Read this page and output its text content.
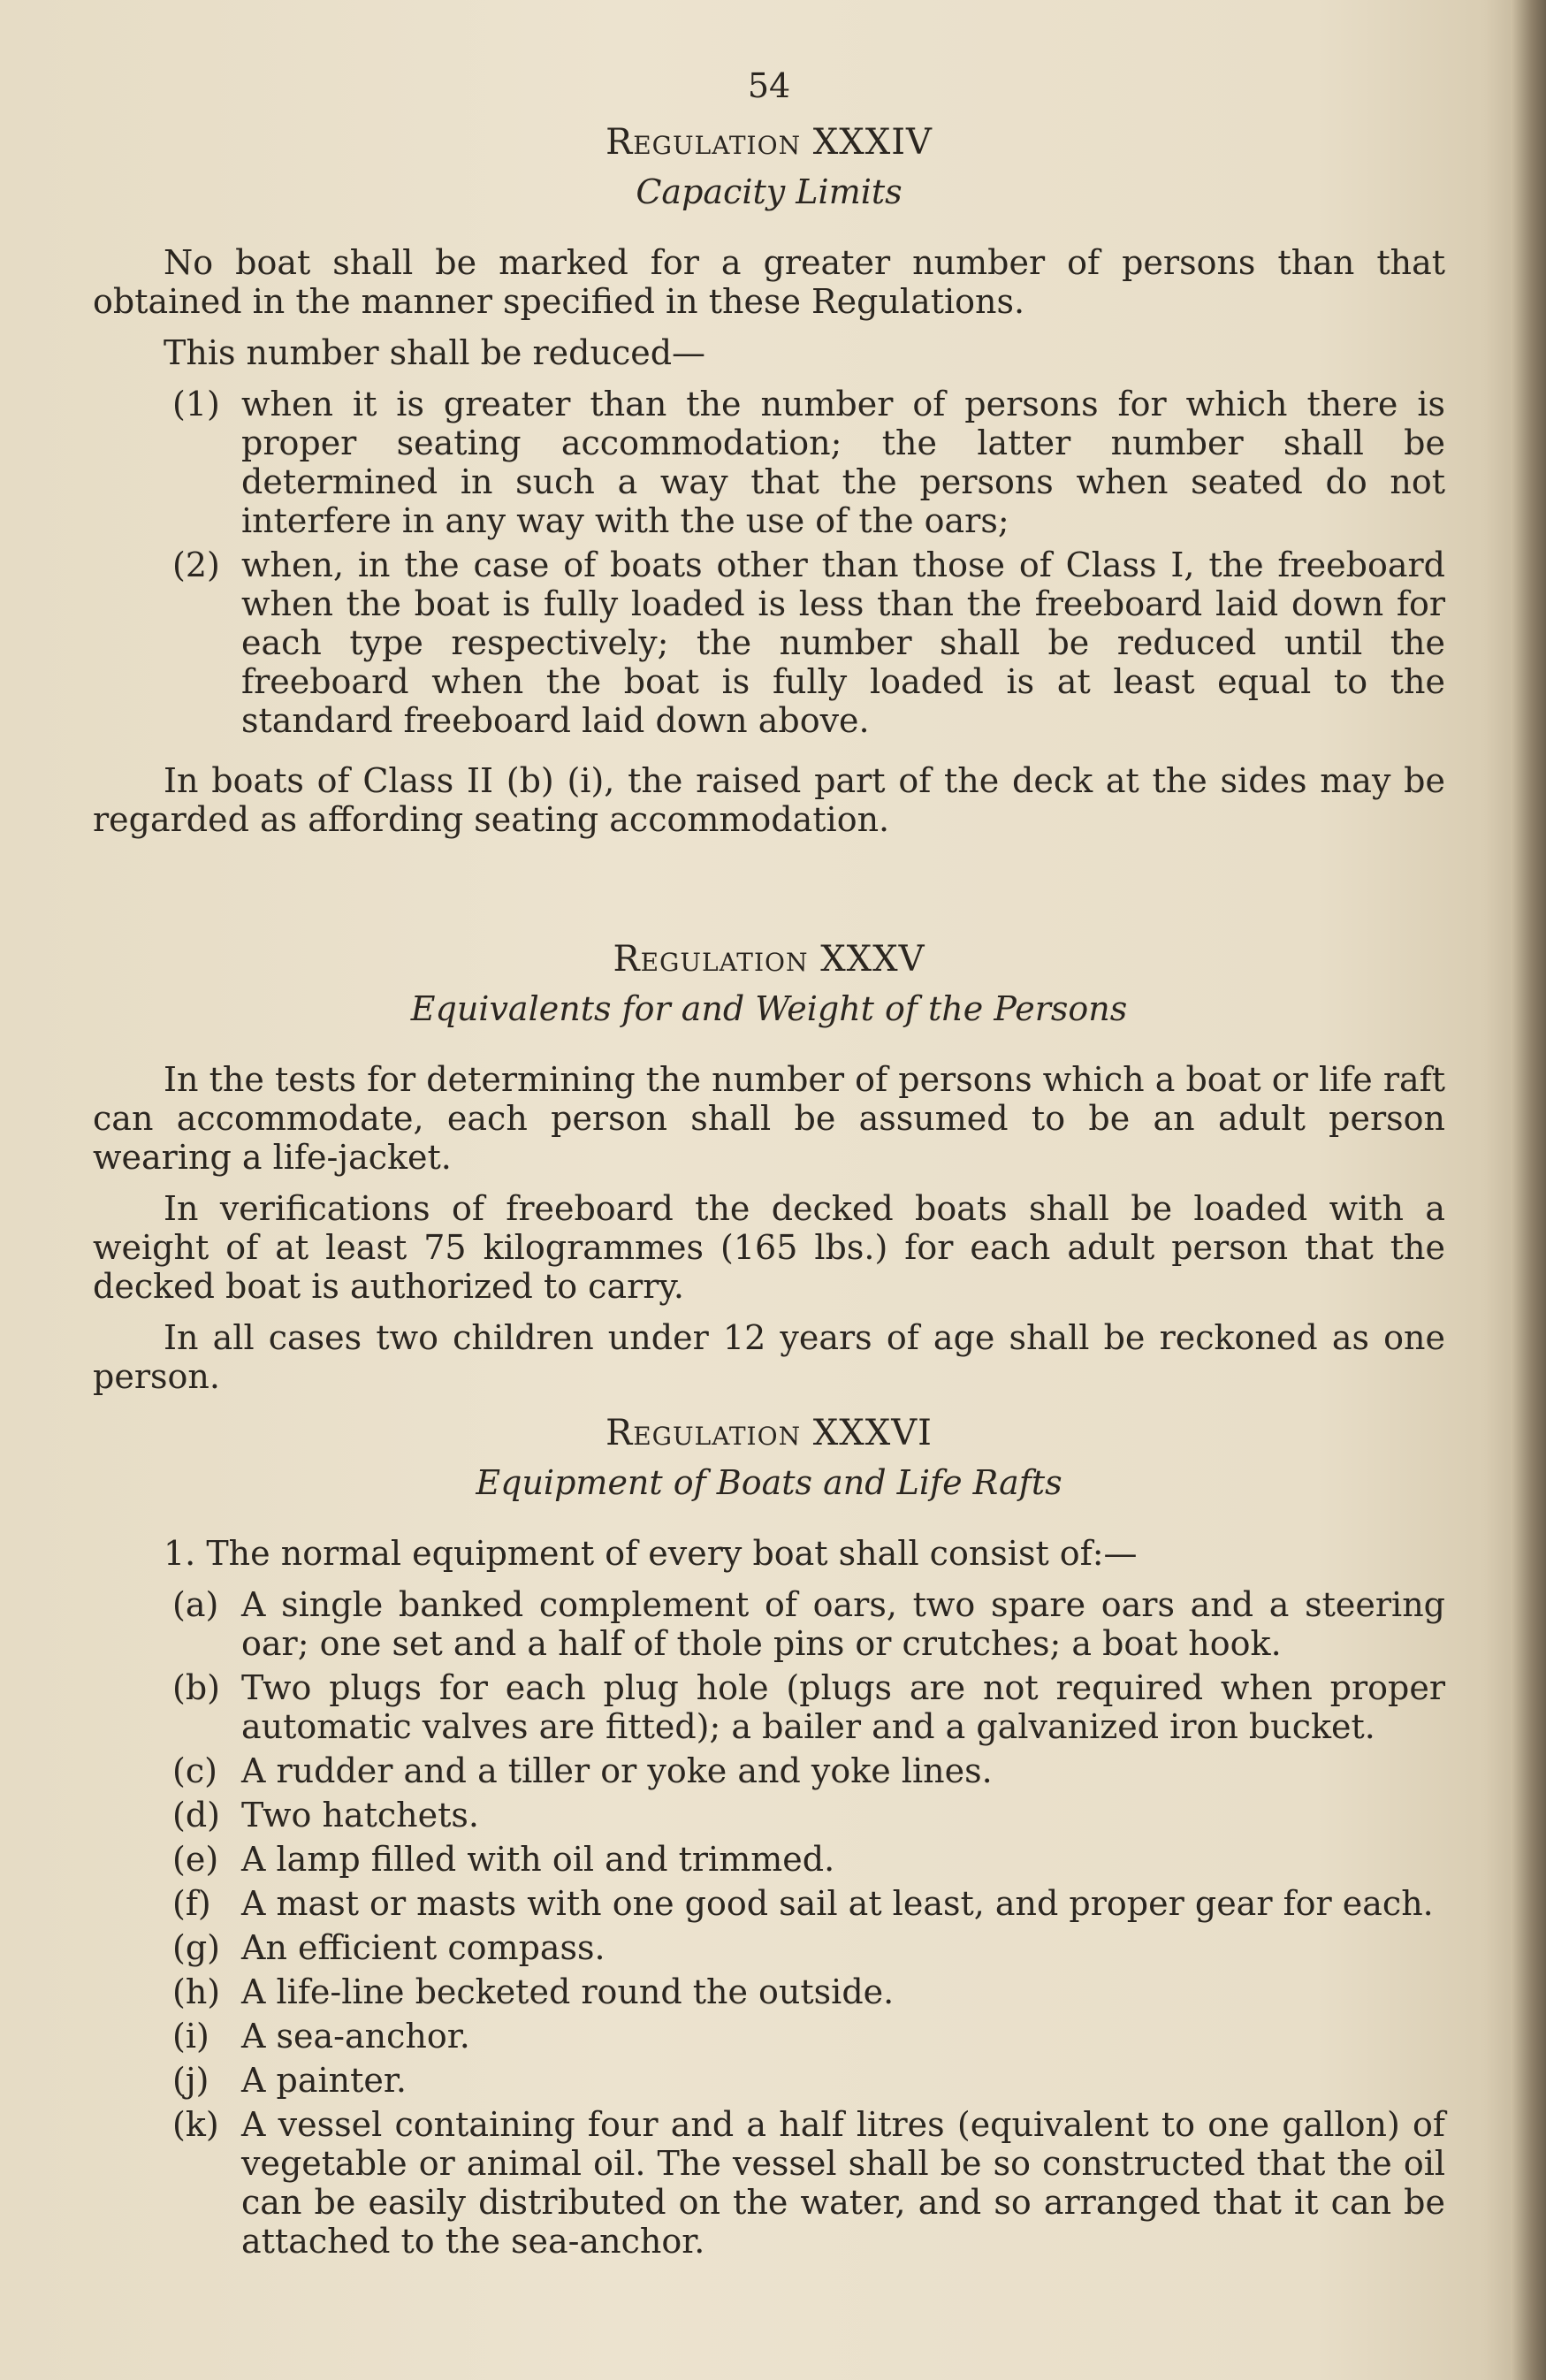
54
Regulation XXXIV
Capacity Limits

No boat shall be marked for a greater number of persons than that obtained in the manner specified in these Regulations.

This number shall be reduced—

(1) when it is greater than the number of persons for which there is proper seating accommodation; the latter number shall be determined in such a way that the persons when seated do not interfere in any way with the use of the oars;
(2) when, in the case of boats other than those of Class I, the freeboard when the boat is fully loaded is less than the freeboard laid down for each type respectively; the number shall be reduced until the freeboard when the boat is fully loaded is at least equal to the standard freeboard laid down above.

In boats of Class II (b) (i), the raised part of the deck at the sides may be regarded as affording seating accommodation.

Regulation XXXV
Equivalents for and Weight of the Persons

In the tests for determining the number of persons which a boat or life raft can accommodate, each person shall be assumed to be an adult person wearing a life-jacket.

In verifications of freeboard the decked boats shall be loaded with a weight of at least 75 kilogrammes (165 lbs.) for each adult person that the decked boat is authorized to carry.

In all cases two children under 12 years of age shall be reckoned as one person.

Regulation XXXVI
Equipment of Boats and Life Rafts

1. The normal equipment of every boat shall consist of:—

(a) A single banked complement of oars, two spare oars and a steering oar; one set and a half of thole pins or crutches; a boat hook.
(b) Two plugs for each plug hole (plugs are not required when proper automatic valves are fitted); a bailer and a galvanized iron bucket.
(c) A rudder and a tiller or yoke and yoke lines.
(d) Two hatchets.
(e) A lamp filled with oil and trimmed.
(f) A mast or masts with one good sail at least, and proper gear for each.
(g) An efficient compass.
(h) A life-line becketed round the outside.
(i) A sea-anchor.
(j) A painter.
(k) A vessel containing four and a half litres (equivalent to one gallon) of vegetable or animal oil. The vessel shall be so constructed that the oil can be easily distributed on the water, and so arranged that it can be attached to the sea-anchor.
